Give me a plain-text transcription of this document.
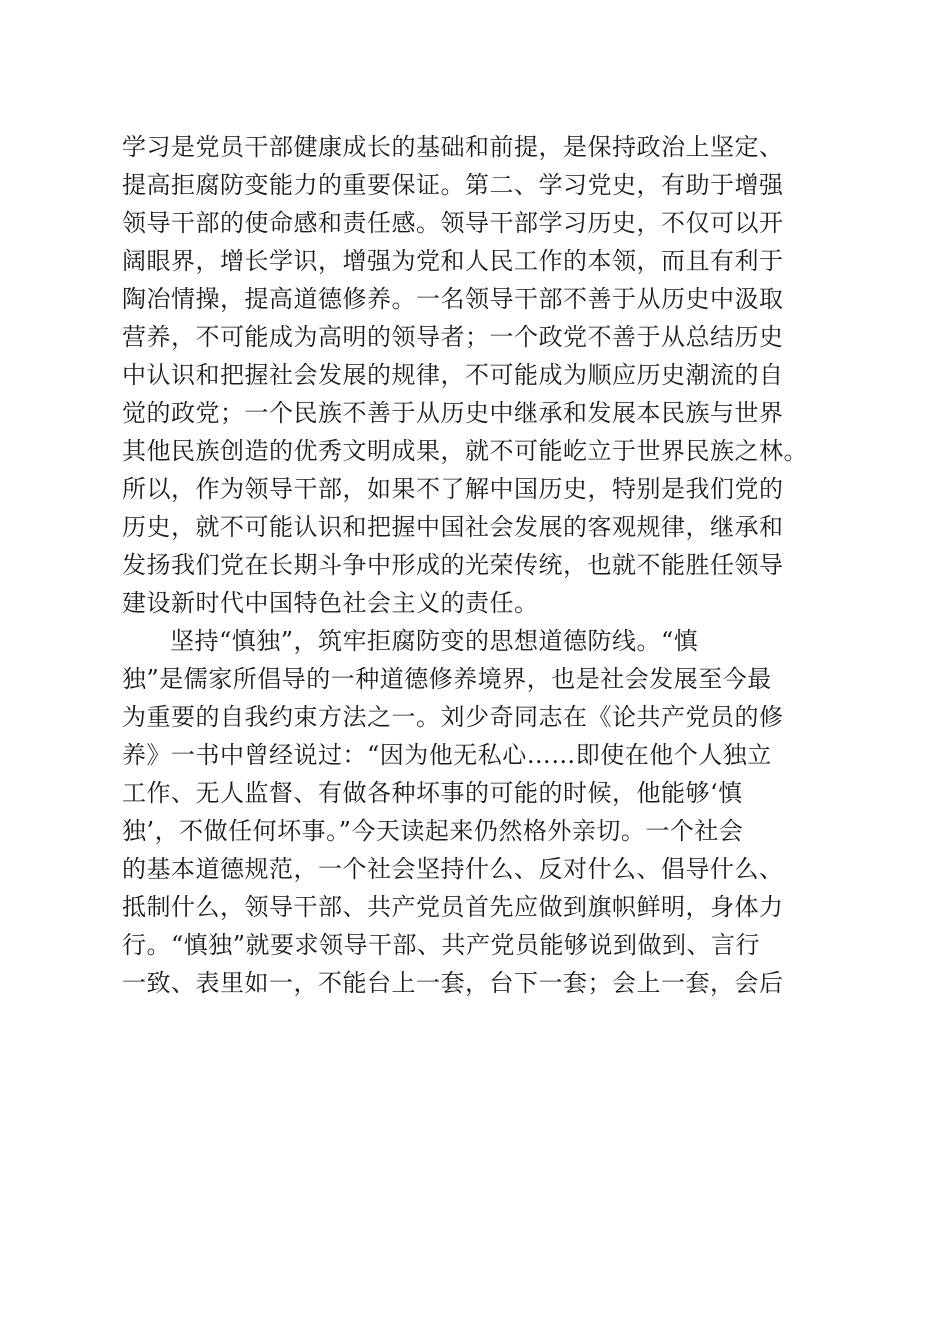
学习是党员干部健康成长的基础和前提，是保持政治上坚定、
提高拒腐防变能力的重要保证。第二、学习党史，有助于增强
领导干部的使命感和责任感。领导干部学习历史，不仅可以开
阔眼界，增长学识，增强为党和人民工作的本领，而且有利于
陶冶情操，提高道德修养。一名领导干部不善于从历史中汲取
营养，不可能成为高明的领导者；一个政党不善于从总结历史
中认识和把握社会发展的规律，不可能成为顺应历史潮流的自
觉的政党；一个民族不善于从历史中继承和发展本民族与世界
其他民族创造的优秀文明成果，就不可能屹立于世界民族之林。
所以，作为领导干部，如果不了解中国历史，特别是我们党的
历史，就不可能认识和把握中国社会发展的客观规律，继承和
发扬我们党在长期斗争中形成的光荣传统，也就不能胜任领导
建设新时代中国特色社会主义的责任。
坚持“慎独”，筑牢拒腐防变的思想道德防线。“慎
独”是儒家所倡导的一种道德修养境界，也是社会发展至今最
为重要的自我约束方法之一。刘少奇同志在《论共产党员的修
养》一书中曾经说过：“因为他无私心……即使在他个人独立
工作、无人监督、有做各种坏事的可能的时候，他能够‘慎
独’，不做任何坏事。”今天读起来仍然格外亲切。一个社会
的基本道德规范，一个社会坚持什么、反对什么、倡导什么、
抵制什么，领导干部、共产党员首先应做到旗帜鲜明，身体力
行。“慎独”就要求领导干部、共产党员能够说到做到、言行
一致、表里如一，不能台上一套，台下一套；会上一套，会后
